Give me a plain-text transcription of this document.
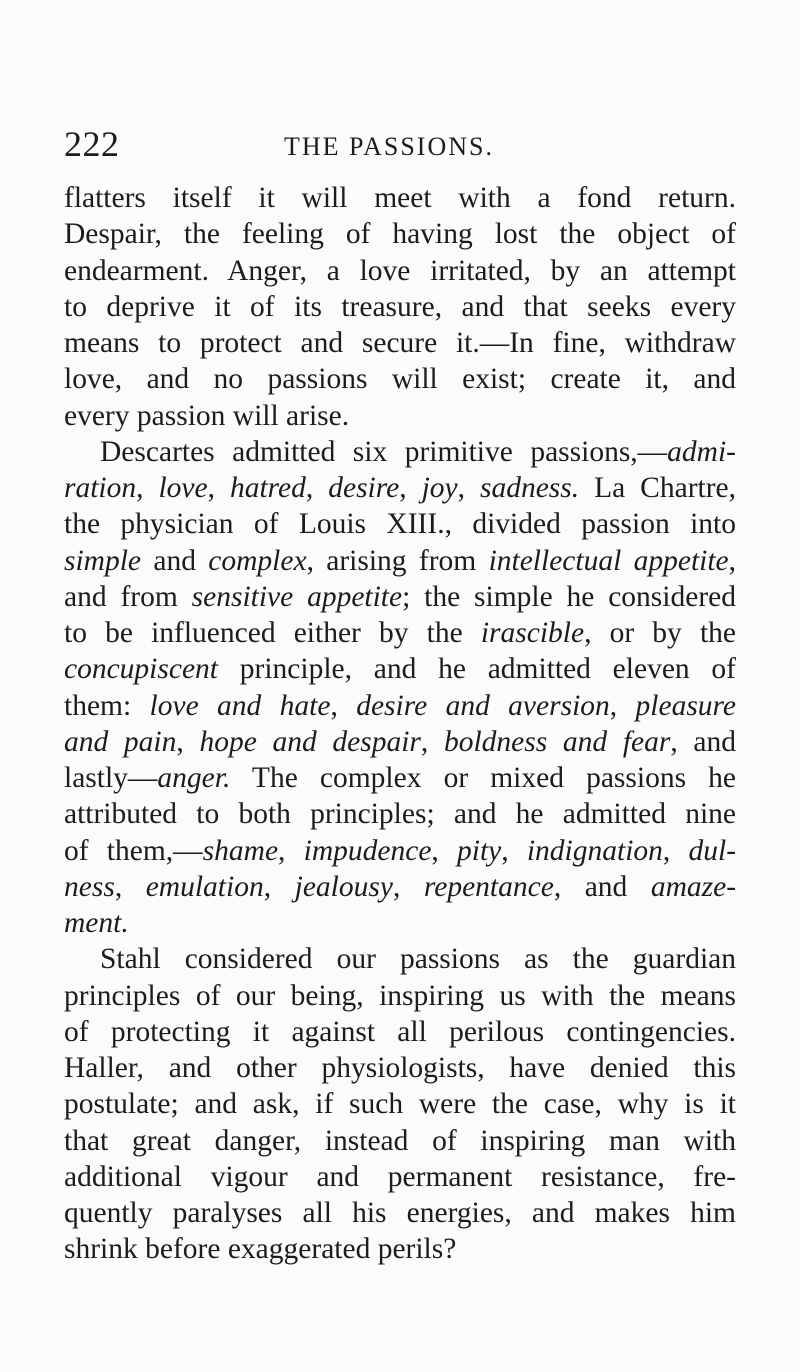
222	THE PASSIONS.
flatters itself it will meet with a fond return.
Despair, the feeling of having lost the object of
endearment. Anger, a love irritated, by an attempt
to deprive it of its treasure, and that seeks every
means to protect and secure it.—In fine, withdraw
love, and no passions will exist; create it, and
every passion will arise.
Descartes admitted six primitive passions,—admi-
ration, love, hatred, desire, joy, sadness. La Chartre,
the physician of Louis XIII., divided passion into
simple and complex, arising from intellectual appetite,
and from sensitive appetite; the simple he considered
to be influenced either by the irascible, or by the
concupiscent principle, and he admitted eleven of
them: love and hate, desire and aversion, pleasure
and pain, hope and despair, boldness and fear, and
lastly—anger. The complex or mixed passions he
attributed to both principles; and he admitted nine
of them,—shame, impudence, pity, indignation, dul-
ness, emulation, jealousy, repentance, and amaze-
ment.
Stahl considered our passions as the guardian
principles of our being, inspiring us with the means
of protecting it against all perilous contingencies.
Haller, and other physiologists, have denied this
postulate; and ask, if such were the case, why is it
that great danger, instead of inspiring man with
additional vigour and permanent resistance, fre-
quently paralyses all his energies, and makes him
shrink before exaggerated perils?
